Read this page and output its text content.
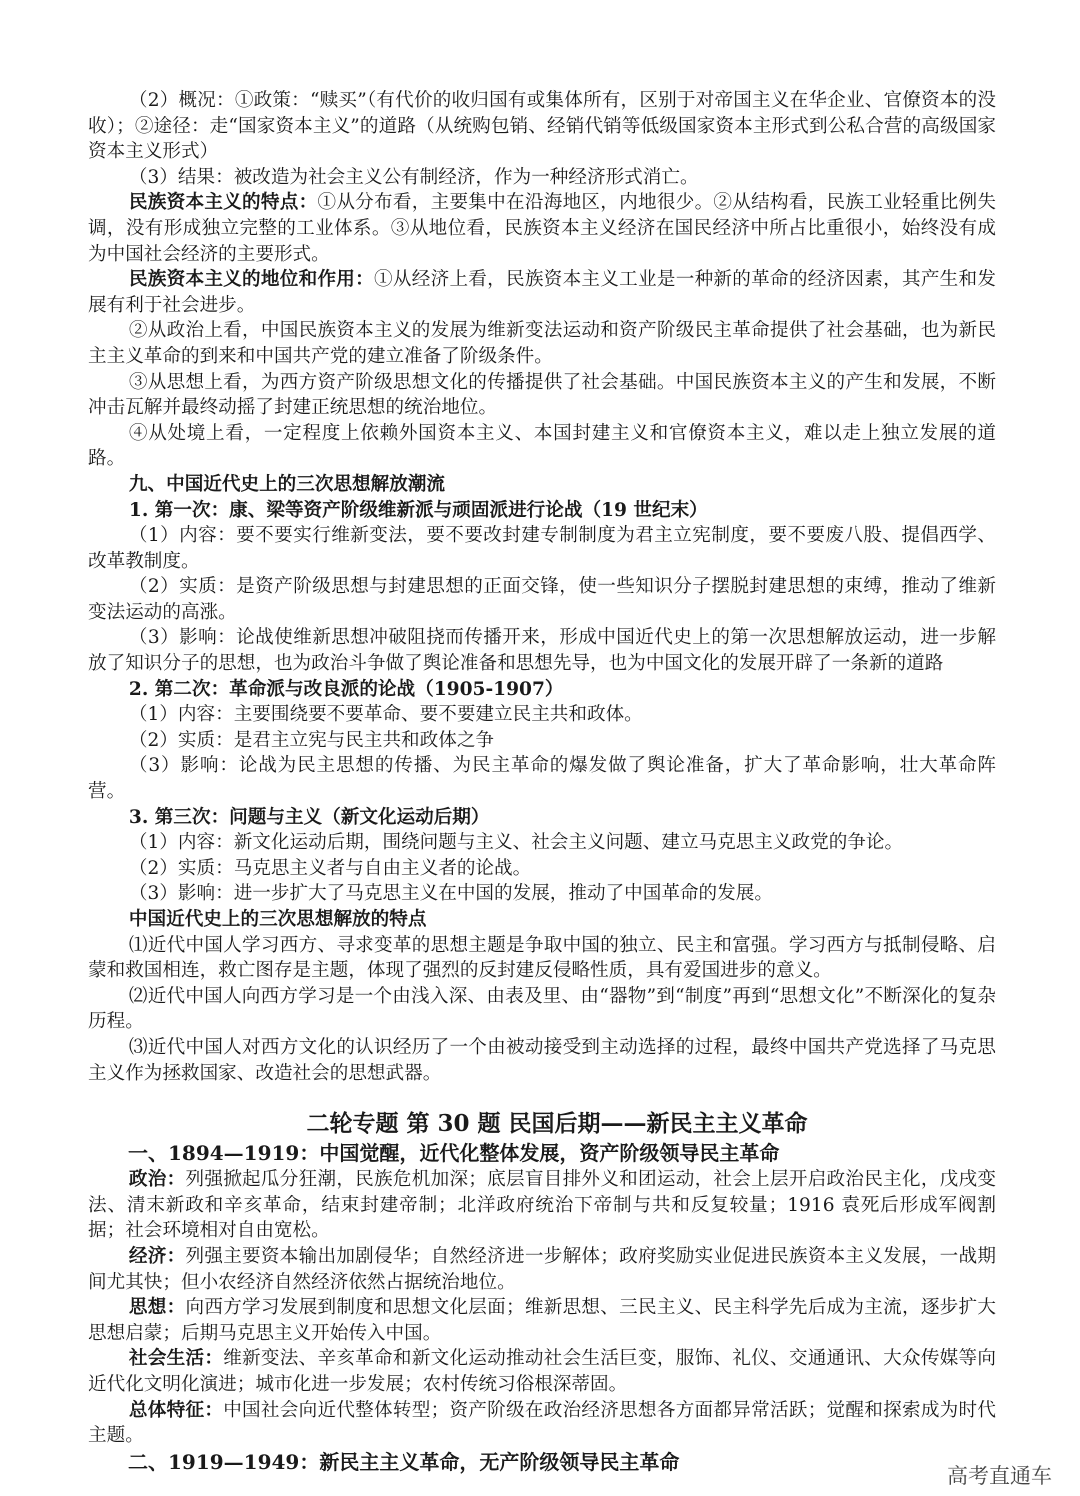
（2）概况：①政策：“赎买”（有代价的收归国有或集体所有，区别于对帝国主义在华企业、官僚资本的没收）；②途径：走“国家资本主义”的道路（从统购包销、经销代销等低级国家资本主形式到公私合营的高级国家资本主义形式）

（3）结果：被改造为社会主义公有制经济，作为一种经济形式消亡。

民族资本主义的特点：①从分布看，主要集中在沿海地区，内地很少。②从结构看，民族工业轻重比例失调，没有形成独立完整的工业体系。③从地位看，民族资本主义经济在国民经济中所占比重很小，始终没有成为中国社会经济的主要形式。

民族资本主义的地位和作用：①从经济上看，民族资本主义工业是一种新的革命的经济因素，其产生和发展有利于社会进步。

②从政治上看，中国民族资本主义的发展为维新变法运动和资产阶级民主革命提供了社会基础，也为新民主主义革命的到来和中国共产党的建立准备了阶级条件。

③从思想上看，为西方资产阶级思想文化的传播提供了社会基础。中国民族资本主义的产生和发展，不断冲击瓦解并最终动摇了封建正统思想的统治地位。

④从处境上看，一定程度上依赖外国资本主义、本国封建主义和官僚资本主义，难以走上独立发展的道路。

九、中国近代史上的三次思想解放潮流

1. 第一次：康、梁等资产阶级维新派与顽固派进行论战（19 世纪末）

（1）内容：要不要实行维新变法，要不要改封建专制制度为君主立宪制度，要不要废八股、提倡西学、改革教制度。

（2）实质：是资产阶级思想与封建思想的正面交锋，使一些知识分子摆脱封建思想的束缚，推动了维新变法运动的高涨。

（3）影响：论战使维新思想冲破阻挠而传播开来，形成中国近代史上的第一次思想解放运动，进一步解放了知识分子的思想，也为政治斗争做了舆论准备和思想先导，也为中国文化的发展开辟了一条新的道路

2. 第二次：革命派与改良派的论战（1905-1907）

（1）内容：主要围绕要不要革命、要不要建立民主共和政体。

（2）实质：是君主立宪与民主共和政体之争

（3）影响：论战为民主思想的传播、为民主革命的爆发做了舆论准备，扩大了革命影响，壮大革命阵营。

3. 第三次：问题与主义（新文化运动后期）

（1）内容：新文化运动后期，围绕问题与主义、社会主义问题、建立马克思主义政党的争论。

（2）实质：马克思主义者与自由主义者的论战。

（3）影响：进一步扩大了马克思主义在中国的发展，推动了中国革命的发展。

中国近代史上的三次思想解放的特点

⑴近代中国人学习西方、寻求变革的思想主题是争取中国的独立、民主和富强。学习西方与抵制侵略、启蒙和救国相连，救亡图存是主题，体现了强烈的反封建反侵略性质，具有爱国进步的意义。

⑵近代中国人向西方学习是一个由浅入深、由表及里、由“器物”到“制度”再到“思想文化”不断深化的复杂历程。

⑶近代中国人对西方文化的认识经历了一个由被动接受到主动选择的过程，最终中国共产党选择了马克思主义作为拯救国家、改造社会的思想武器。

二轮专题 第 30 题 民国后期——新民主主义革命
一、1894—1919：中国觉醒，近代化整体发展，资产阶级领导民主革命

政治：列强掀起瓜分狂潮，民族危机加深；底层盲目排外义和团运动，社会上层开启政治民主化，戊戌变法、清末新政和辛亥革命，结束封建帝制；北洋政府统治下帝制与共和反复较量；1916 袁死后形成军阀割据；社会环境相对自由宽松。

经济：列强主要资本输出加剧侵华；自然经济进一步解体；政府奖励实业促进民族资本主义发展，一战期间尤其快；但小农经济自然经济依然占据统治地位。

思想：向西方学习发展到制度和思想文化层面；维新思想、三民主义、民主科学先后成为主流，逐步扩大思想启蒙；后期马克思主义开始传入中国。

社会生活：维新变法、辛亥革命和新文化运动推动社会生活巨变，服饰、礼仪、交通通讯、大众传媒等向近代化文明化演进；城市化进一步发展；农村传统习俗根深蒂固。

总体特征：中国社会向近代整体转型；资产阶级在政治经济思想各方面都异常活跃；觉醒和探索成为时代主题。

二、1919—1949：新民主主义革命，无产阶级领导民主革命
高考直通车
